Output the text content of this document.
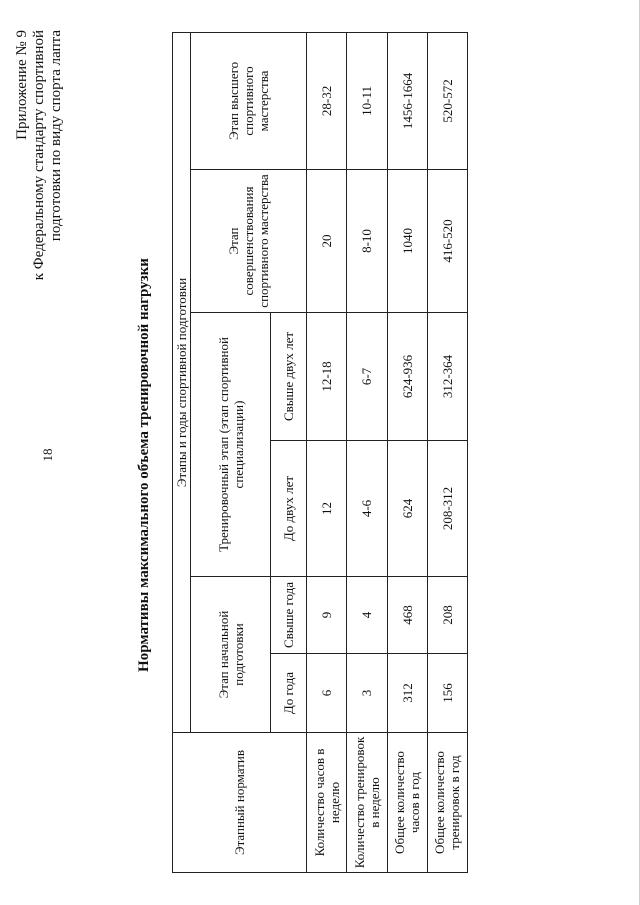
Приложение № 9 к Федеральному стандарту спортивной подготовки по виду спорта лапта
18	Нормативы максимального объема тренировочной нагрузки
Этапный норматив	Этапы и годы спортивной подготовки					
	Этап начальной подготовки		Тренировочный этап (этап спортивной специализации)		Этап совершенствования спортивного мастерства	Этап высшего спортивного мастерства
	До года	Свыше года	До двух лет	Свыше двух лет		
Количество часов в неделю	6	9	12	12-18	20	28-32
Количество тренировок в неделю	3	4	4-6	6-7	8-10	10-11
Общее количество часов в год	312	468	624	624-936	1040	1456-1664
Общее количество тренировок в год	156	208	208-312	312-364	416-520	520-572
